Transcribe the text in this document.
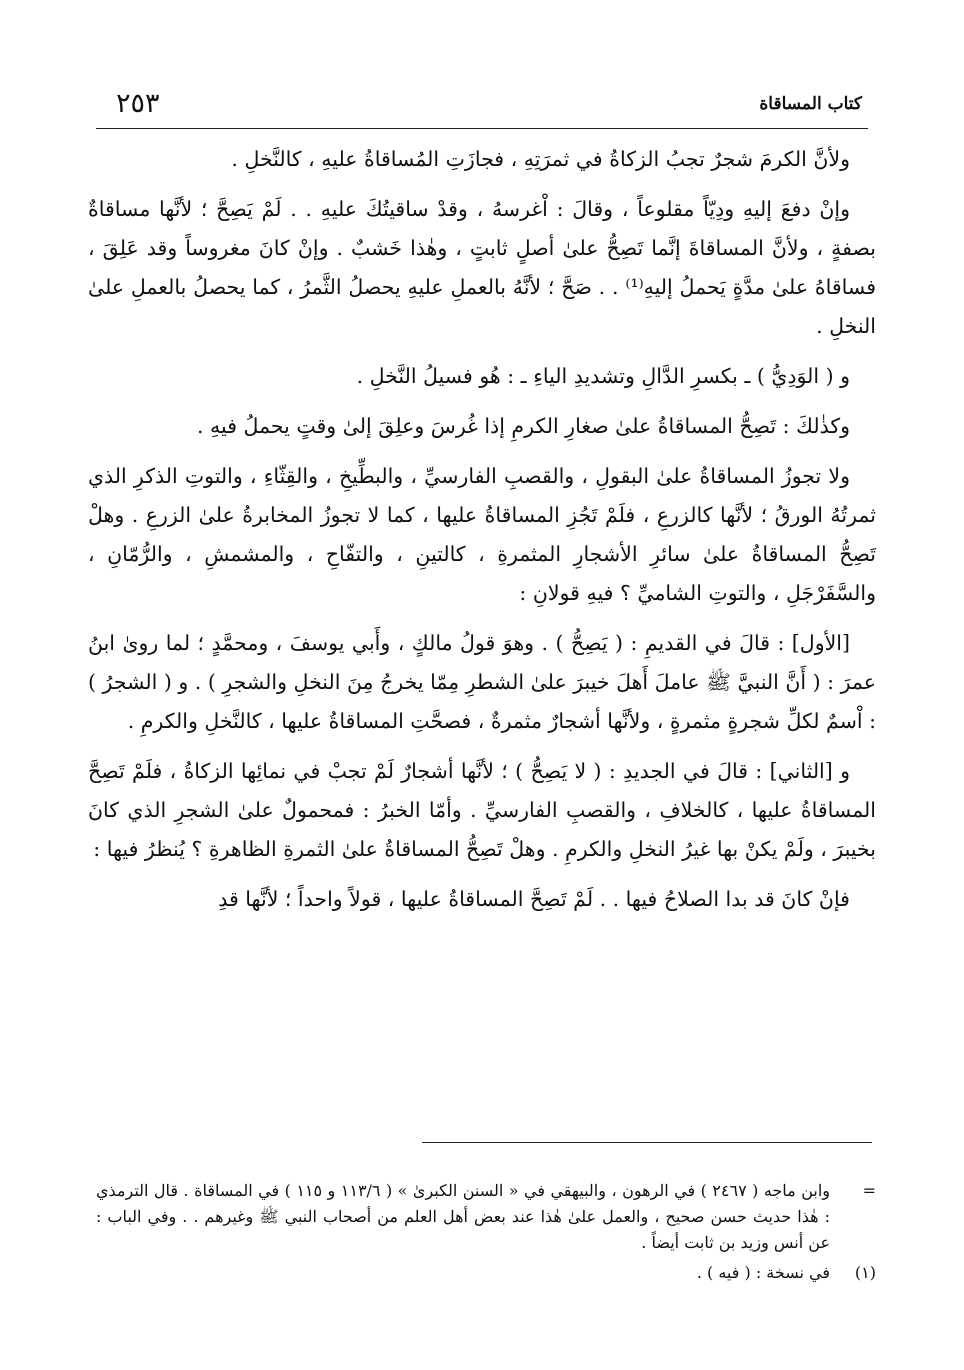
كتاب المساقاة
٢٥٣

ولأنَّ الكرمَ شجرٌ تجبُ الزكاةُ في ثمرَتِهِ ، فجازَتِ المُساقاةُ عليهِ ، كالنَّخلِ .

وإنْ دفعَ إليهِ ودِيّاً مقلوعاً ، وقالَ : اْغرسهُ ، وقدْ ساقيتُكَ عليهِ . . لَمْ يَصِحَّ ؛ لأنَّها مساقاةٌ بصفةٍ ، ولأنَّ المساقاةَ إنَّما تَصِحُّ علىٰ أصلٍ ثابتٍ ، وهٰذا خَشبٌ . وإنْ كانَ مغروساً وقد عَلِقَ ، فساقاهُ علىٰ مدَّةٍ يَحملُ إليهِ⁽¹⁾ . . صَحَّ ؛ لأنَّهُ بالعملِ عليهِ يحصلُ الثَّمرُ ، كما يحصلُ بالعملِ علىٰ النخلِ .

و ( الوَدِيُّ ) ـ بكسرِ الدَّالِ وتشديدِ الياءِ ـ : هُو فسيلُ النَّخلِ .

وكذٰلكَ : تَصِحُّ المساقاةُ علىٰ صغارِ الكرمِ إذا غُرسَ وعلِقَ إلىٰ وقتٍ يحملُ فيهِ .

ولا تجوزُ المساقاةُ علىٰ البقولِ ، والقصبِ الفارسيِّ ، والبطِّيخِ ، والقِثّاءِ ، والتوتِ الذكرِ الذي ثمرتُهُ الورقُ ؛ لأنَّها كالزرعِ ، فلَمْ تَجُزِ المساقاةُ عليها ، كما لا تجوزُ المخابرةُ علىٰ الزرعِ . وهلْ تَصِحُّ المساقاةُ علىٰ سائرِ الأشجارِ المثمرةِ ، كالتينِ ، والتفّاحِ ، والمشمشِ ، والرُّمّانِ ، والسَّفَرْجَلِ ، والتوتِ الشاميِّ ؟ فيهِ قولانِ :

[الأول] : قالَ في القديمِ : ( يَصِحُّ ) . وهوَ قولُ مالكٍ ، وأَبي يوسفَ ، ومحمَّدٍ ؛ لما روىٰ ابنُ عمرَ : ( أَنَّ النبيَّ ﷺ عاملَ أَهلَ خيبرَ علىٰ الشطرِ مِمّا يخرجُ مِنَ النخلِ والشجرِ ) . و ( الشجرُ ) : اْسمٌ لكلِّ شجرةٍ مثمرةٍ ، ولأنَّها أشجارٌ مثمرةٌ ، فصحَّتِ المساقاةُ عليها ، كالنَّخلِ والكرمِ .

و [الثاني] : قالَ في الجديدِ : ( لا يَصِحُّ ) ؛ لأنَّها أشجارٌ لَمْ تجبْ في نمائِها الزكاةُ ، فلَمْ تَصِحَّ المساقاةُ عليها ، كالخلافِ ، والقصبِ الفارسيِّ . وأمّا الخبرُ : فمحمولٌ علىٰ الشجرِ الذي كانَ بخيبرَ ، ولَمْ يكنْ بها غيرُ النخلِ والكرمِ . وهلْ تَصِحُّ المساقاةُ علىٰ الثمرةِ الظاهرةِ ؟ يُنظرُ فيها :

فإنْ كانَ قد بدا الصلاحُ فيها . . لَمْ تَصِحَّ المساقاةُ عليها ، قولاً واحداً ؛ لأنَّها قدِ

=
وابن ماجه ( ٢٤٦٧ ) في الرهون ، والبيهقي في « السنن الكبرىٰ » ( ١١٣/٦ و ١١٥ ) في المساقاة . قال الترمذي : هٰذا حديث حسن صحيح ، والعمل علىٰ هٰذا عند بعض أهل العلم من أصحاب النبي ﷺ وغيرهم . . وفي الباب : عن أنس وزيد بن ثابت أيضاً .

(١)
في نسخة : ( فيه ) .
